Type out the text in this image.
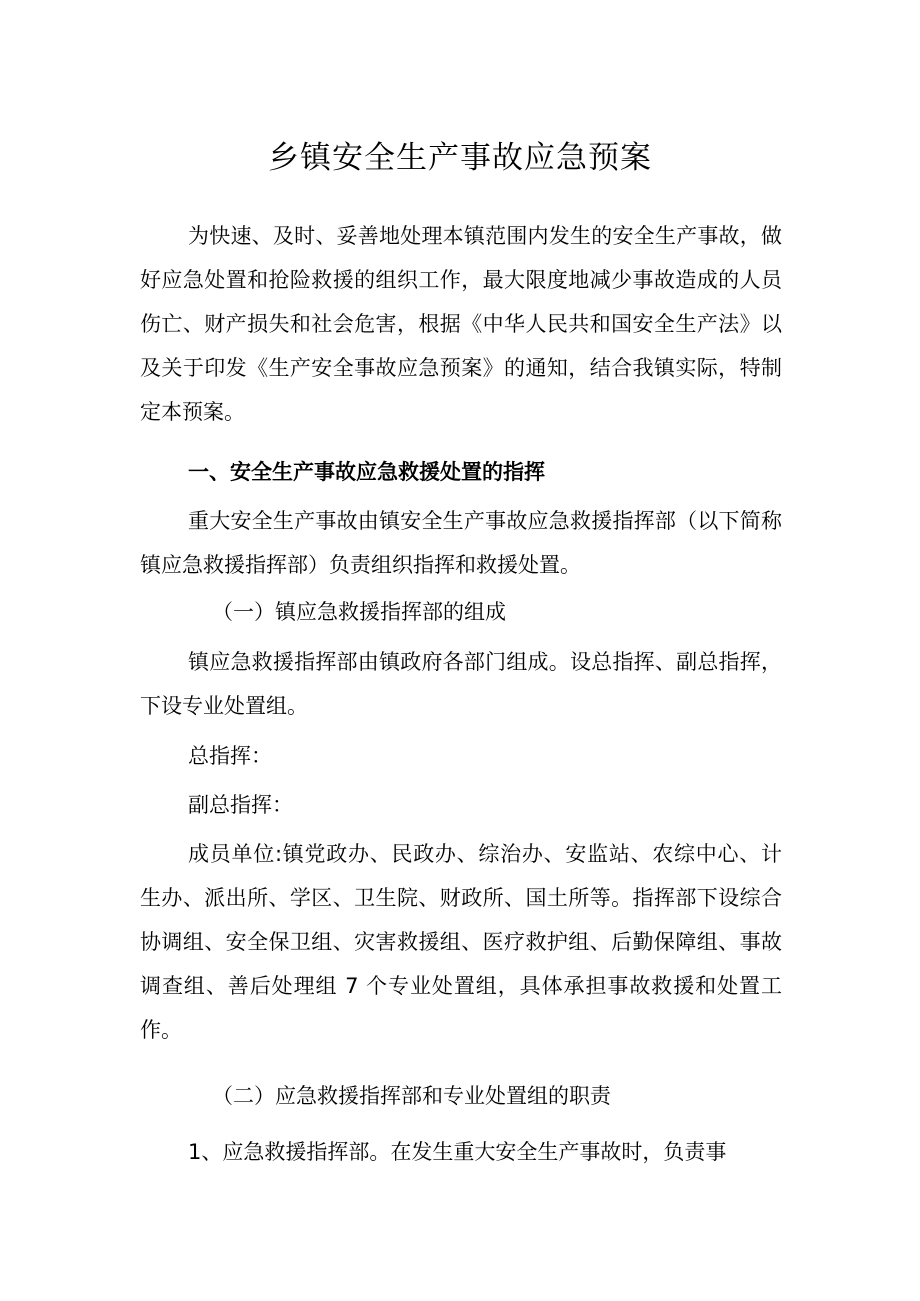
乡镇安全生产事故应急预案
为快速、及时、妥善地处理本镇范围内发生的安全生产事故，做好应急处置和抢险救援的组织工作，最大限度地减少事故造成的人员伤亡、财产损失和社会危害，根据《中华人民共和国安全生产法》以及关于印发《生产安全事故应急预案》的通知，结合我镇实际，特制定本预案。
一、安全生产事故应急救援处置的指挥
重大安全生产事故由镇安全生产事故应急救援指挥部（以下简称镇应急救援指挥部）负责组织指挥和救援处置。
（一）镇应急救援指挥部的组成
镇应急救援指挥部由镇政府各部门组成。设总指挥、副总指挥，下设专业处置组。
总指挥：
副总指挥：
成员单位:镇党政办、民政办、综治办、安监站、农综中心、计生办、派出所、学区、卫生院、财政所、国土所等。指挥部下设综合协调组、安全保卫组、灾害救援组、医疗救护组、后勤保障组、事故调查组、善后处理组 7 个专业处置组，具体承担事故救援和处置工作。
（二）应急救援指挥部和专业处置组的职责
1、应急救援指挥部。在发生重大安全生产事故时，负责事
